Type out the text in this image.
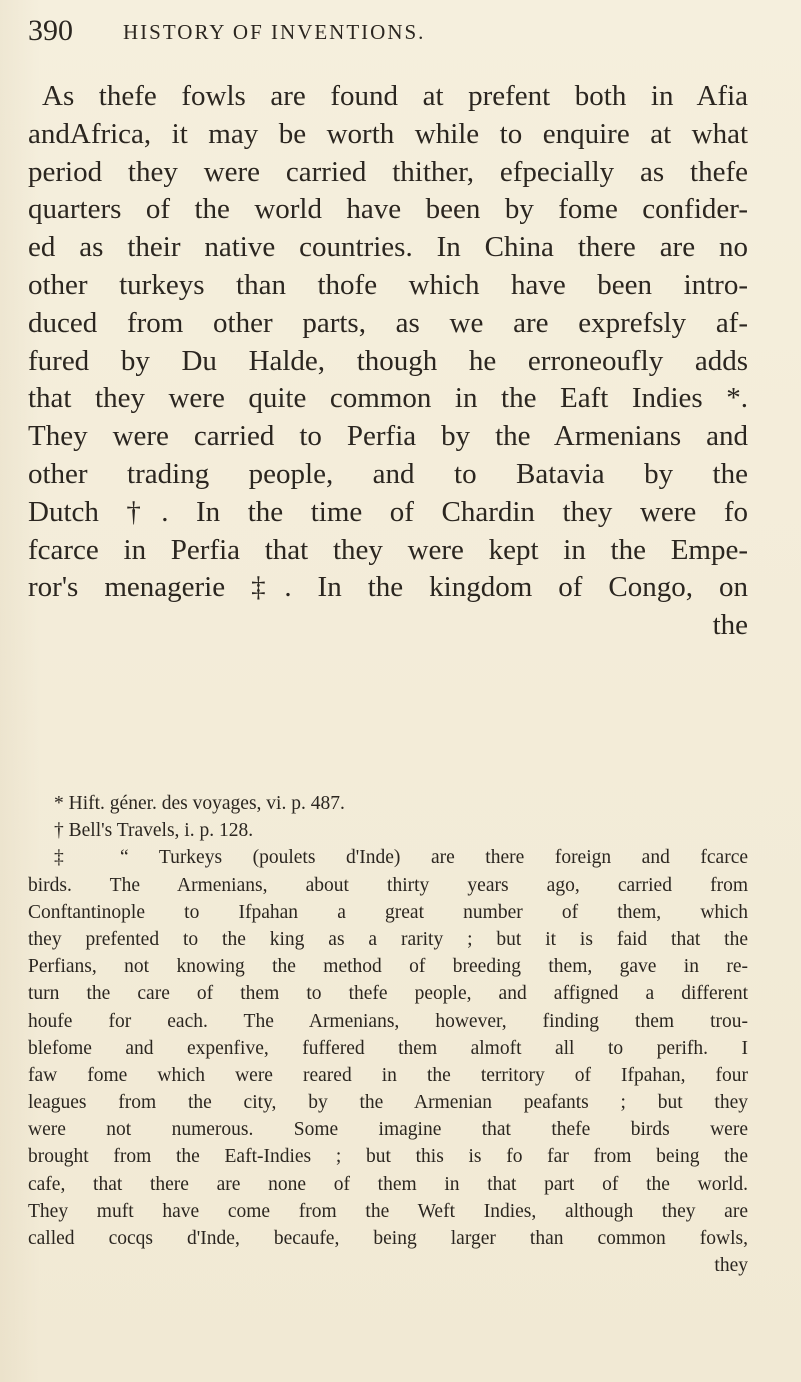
390 HISTORY OF INVENTIONS.
As thefe fowls are found at prefent both in Afia
andAfrica, it may be worth while to enquire at what
period they were carried thither, efpecially as thefe
quarters of the world have been by fome confider-
ed as their native countries. In China there are no
other turkeys than thofe which have been intro-
duced from other parts, as we are exprefsly af-
fured by Du Halde, though he erroneoufly adds
that they were quite common in the Eaft Indies *.
They were carried to Perfia by the Armenians and
other trading people, and to Batavia by the
Dutch †. In the time of Chardin they were fo
fcarce in Perfia that they were kept in the Empe-
ror's menagerie ‡. In the kingdom of Congo, on
the
* Hift. géner. des voyages, vi. p. 487.
† Bell's Travels, i. p. 128.
‡ “ Turkeys (poulets d'Inde) are there foreign and fcarce
birds. The Armenians, about thirty years ago, carried from
Conftantinople to Ifpahan a great number of them, which
they prefented to the king as a rarity ; but it is faid that the
Perfians, not knowing the method of breeding them, gave in re-
turn the care of them to thefe people, and affigned a different
houfe for each. The Armenians, however, finding them trou-
blefome and expenfive, fuffered them almoft all to perifh. I
faw fome which were reared in the territory of Ifpahan, four
leagues from the city, by the Armenian peafants ; but they
were not numerous. Some imagine that thefe birds were
brought from the Eaft-Indies ; but this is fo far from being the
cafe, that there are none of them in that part of the world.
They muft have come from the Weft Indies, although they are
called cocqs d'Inde, becaufe, being larger than common fowls,
they
